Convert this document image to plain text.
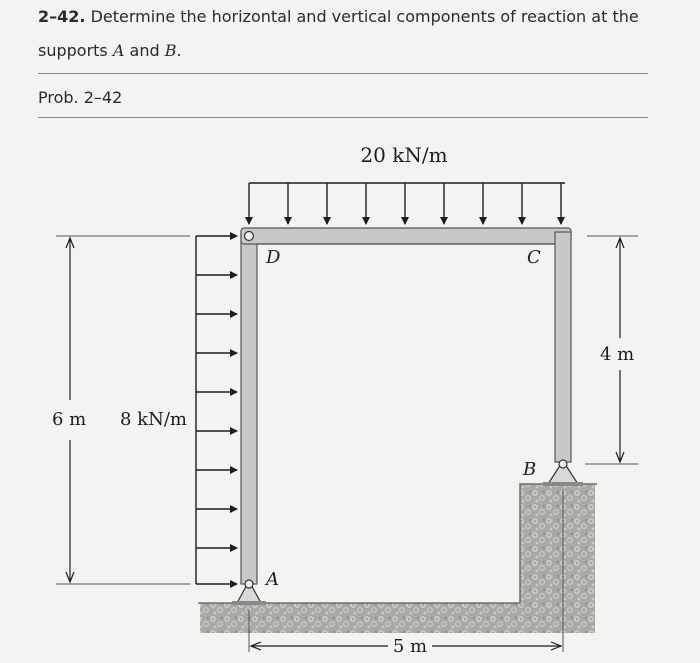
2–42. Determine the horizontal and vertical components of reaction at the
supports A and B.
Prob. 2–42
20 kN/m
8 kN/m
6 m
4 m
5 m
D	C
B
A
